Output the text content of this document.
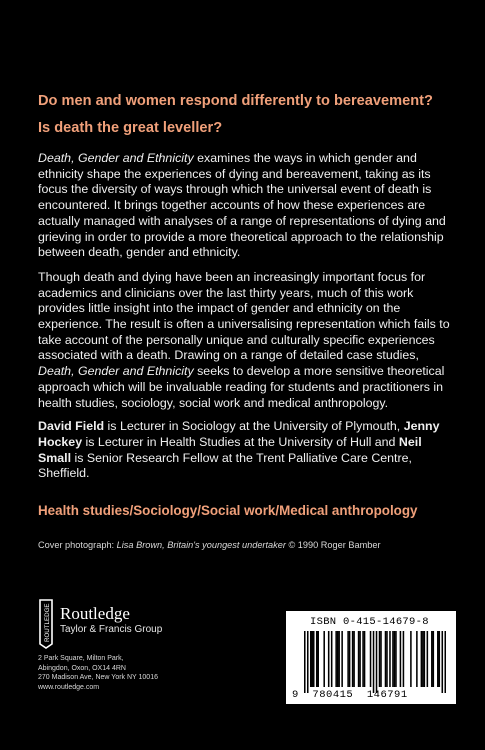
Do men and women respond differently to bereavement?

Is death the great leveller?

Death, Gender and Ethnicity examines the ways in which gender and ethnicity shape the experiences of dying and bereavement, taking as its focus the diversity of ways through which the universal event of death is encountered. It brings together accounts of how these experiences are actually managed with analyses of a range of representations of dying and grieving in order to provide a more theoretical approach to the relationship between death, gender and ethnicity.

Though death and dying have been an increasingly important focus for academics and clinicians over the last thirty years, much of this work provides little insight into the impact of gender and ethnicity on the experience. The result is often a universalising representation which fails to take account of the personally unique and culturally specific experiences associated with a death. Drawing on a range of detailed case studies, Death, Gender and Ethnicity seeks to develop a more sensitive theoretical approach which will be invaluable reading for students and practitioners in health studies, sociology, social work and medical anthropology.

David Field is Lecturer in Sociology at the University of Plymouth, Jenny Hockey is Lecturer in Health Studies at the University of Hull and Neil Small is Senior Research Fellow at the Trent Palliative Care Centre, Sheffield.

Health studies/Sociology/Social work/Medical anthropology
Cover photograph: Lisa Brown, Britain's youngest undertaker © 1990 Roger Bamber
ROUTLEDGE Routledge
Taylor & Francis Group
2 Park Square, Milton Park,
Abingdon, Oxon, OX14 4RN
270 Madison Ave, New York NY 10016
www.routledge.com
ISBN 0-415-14679-8
9 780415 146791
